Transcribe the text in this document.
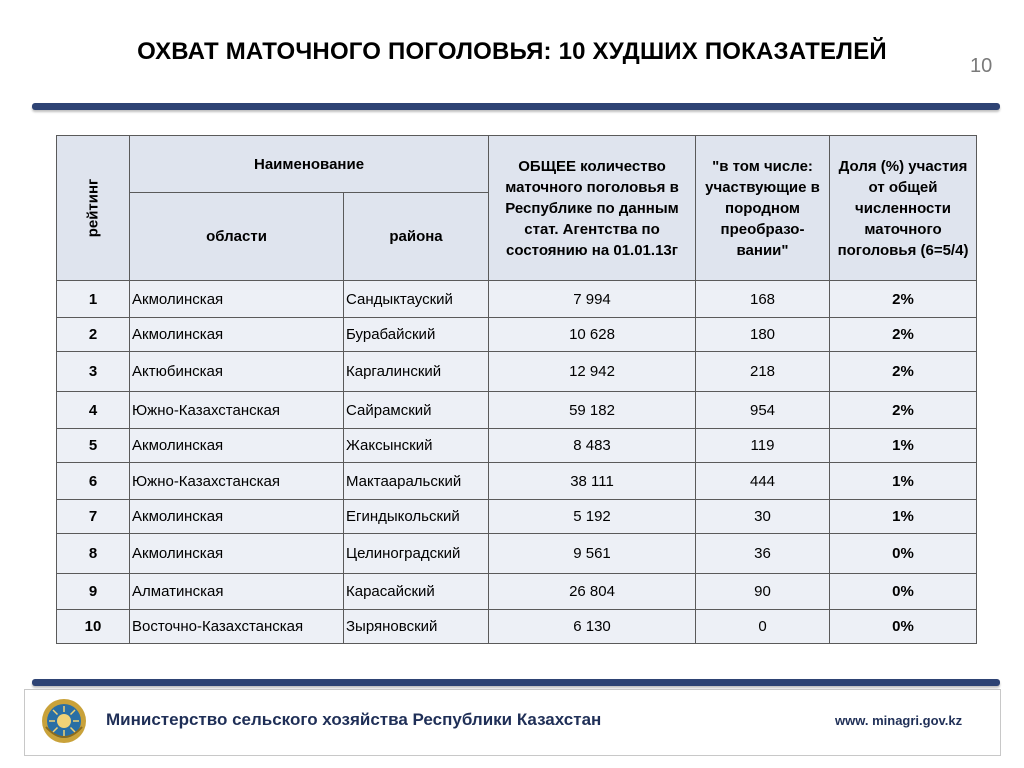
ОХВАТ МАТОЧНОГО ПОГОЛОВЬЯ: 10 ХУДШИХ ПОКАЗАТЕЛЕЙ
10
рейтинг	Наименование		ОБЩЕЕ количество маточного поголовья в Республике по данным стат. Агентства по состоянию на 01.01.13г	"в том числе: участвующие в породном преобразо-вании"	Доля (%) участия от общей численности маточного поголовья (6=5/4)
	области	района			
1	Акмолинская	Сандыктауский	7 994	168	2%
2	Акмолинская	Бурабайский	10 628	180	2%
3	Актюбинская	Каргалинский	12 942	218	2%
4	Южно-Казахстанская	Сайрамский	59 182	954	2%
5	Акмолинская	Жаксынский	8 483	119	1%
6	Южно-Казахстанская	Мактааральский	38 111	444	1%
7	Акмолинская	Егиндыкольский	5 192	30	1%
8	Акмолинская	Целиноградский	9 561	36	0%
9	Алматинская	Карасайский	26 804	90	0%
10	Восточно-Казахстанская	Зыряновский	6 130	0	0%
Министерство сельского хозяйства Республики Казахстан	www. minagri.gov.kz
